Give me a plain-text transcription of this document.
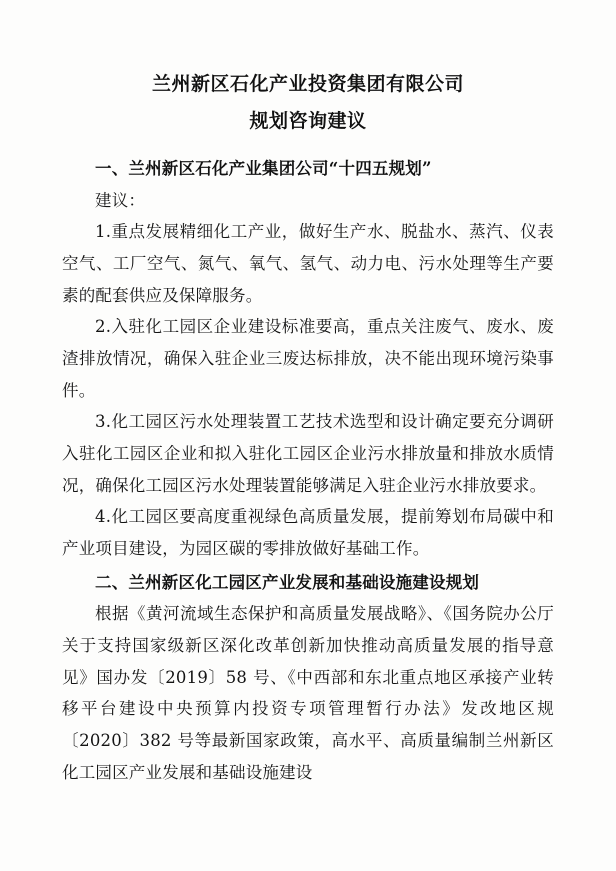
兰州新区石化产业投资集团有限公司
规划咨询建议

一、兰州新区石化产业集团公司“十四五规划”

建议：

1.重点发展精细化工产业，做好生产水、脱盐水、蒸汽、仪表空气、工厂空气、氮气、氧气、氢气、动力电、污水处理等生产要素的配套供应及保障服务。

2.入驻化工园区企业建设标准要高，重点关注废气、废水、废渣排放情况，确保入驻企业三废达标排放，决不能出现环境污染事件。

3.化工园区污水处理装置工艺技术选型和设计确定要充分调研入驻化工园区企业和拟入驻化工园区企业污水排放量和排放水质情况，确保化工园区污水处理装置能够满足入驻企业污水排放要求。

4.化工园区要高度重视绿色高质量发展，提前筹划布局碳中和产业项目建设，为园区碳的零排放做好基础工作。

二、兰州新区化工园区产业发展和基础设施建设规划

根据《黄河流域生态保护和高质量发展战略》、《国务院办公厅关于支持国家级新区深化改革创新加快推动高质量发展的指导意见》国办发〔2019〕58 号、《中西部和东北重点地区承接产业转移平台建设中央预算内投资专项管理暂行办法》发改地区规〔2020〕382 号等最新国家政策，高水平、高质量编制兰州新区化工园区产业发展和基础设施建设
